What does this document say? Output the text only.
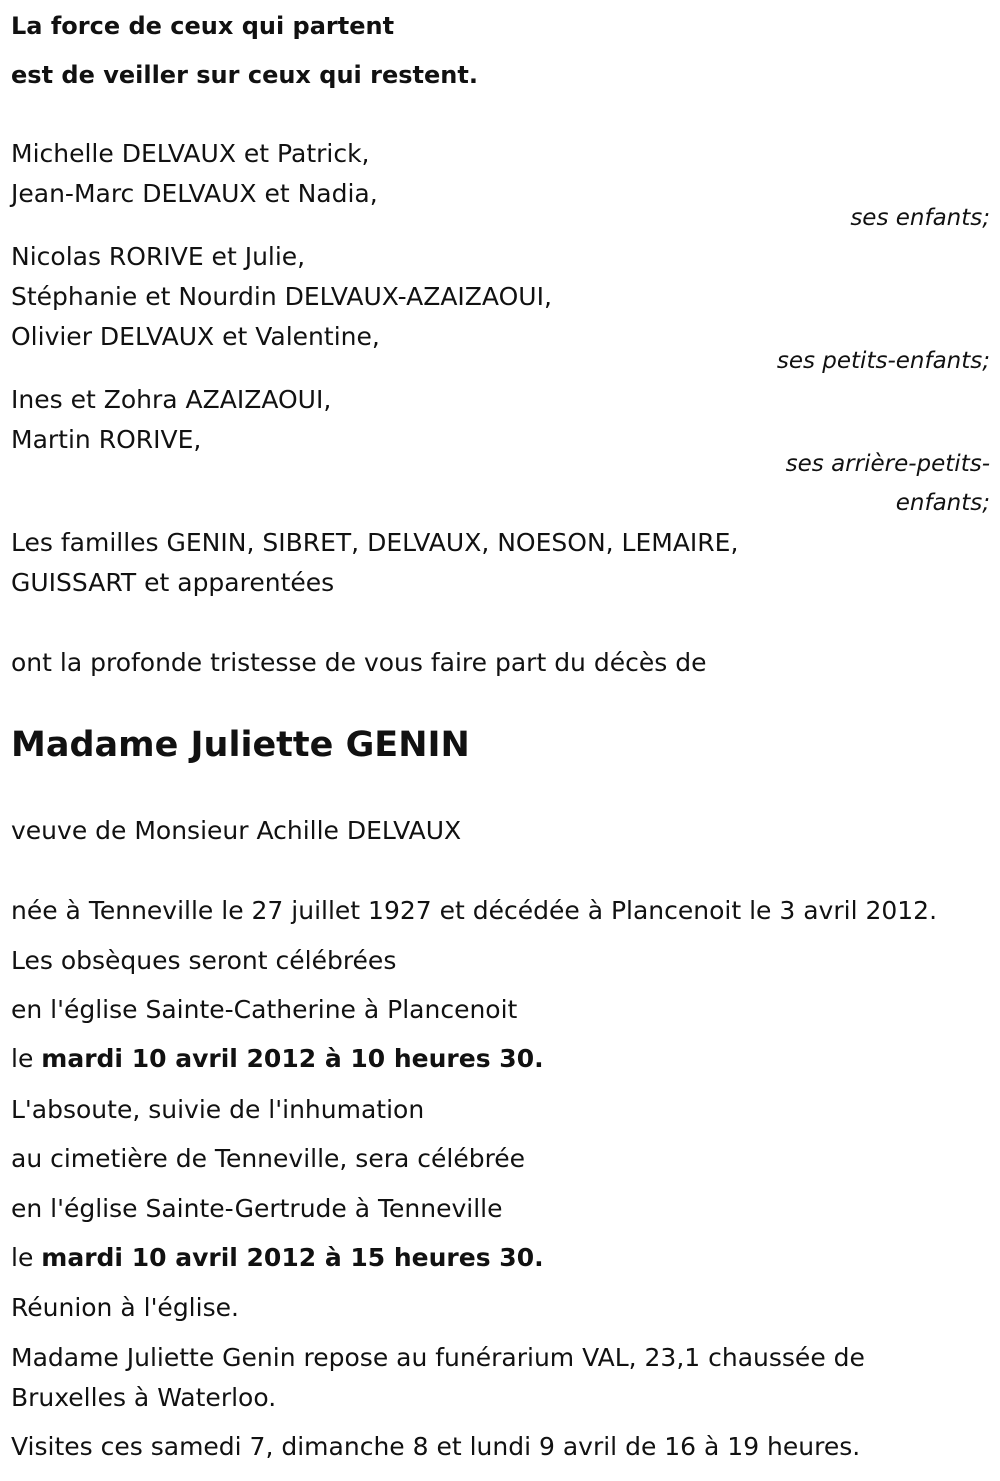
La force de ceux qui partent
est de veiller sur ceux qui restent.
Michelle DELVAUX et Patrick,
Jean-Marc DELVAUX et Nadia,
ses enfants;
Nicolas RORIVE et Julie,
Stéphanie et Nourdin DELVAUX-AZAIZAOUI,
Olivier DELVAUX et Valentine,
ses petits-enfants;
Ines et Zohra AZAIZAOUI,
Martin RORIVE,
ses arrière-petits-
enfants;
Les familles GENIN, SIBRET, DELVAUX, NOESON, LEMAIRE,
GUISSART et apparentées
ont la profonde tristesse de vous faire part du décès de
Madame Juliette GENIN
veuve de Monsieur Achille DELVAUX
née à Tenneville le 27 juillet 1927 et décédée à Plancenoit le 3 avril 2012.
Les obsèques seront célébrées
en l'église Sainte-Catherine à Plancenoit
le mardi 10 avril 2012 à 10 heures 30.
L'absoute, suivie de l'inhumation
au cimetière de Tenneville, sera célébrée
en l'église Sainte-Gertrude à Tenneville
le mardi 10 avril 2012 à 15 heures 30.
Réunion à l'église.
Madame Juliette Genin repose au funérarium VAL, 23,1 chaussée de
Bruxelles à Waterloo.
Visites ces samedi 7, dimanche 8 et lundi 9 avril de 16 à 19 heures.
